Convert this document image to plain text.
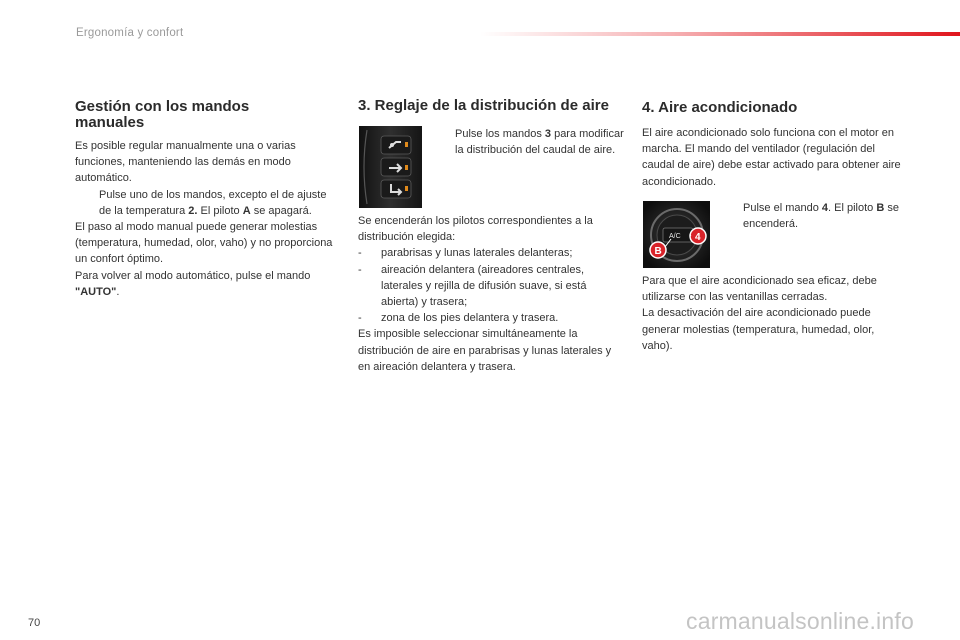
Ergonomía y confort
Gestión con los mandos manuales

Es posible regular manualmente una o varias funciones, manteniendo las demás en modo automático.

Pulse uno de los mandos, excepto el de ajuste de la temperatura 2. El piloto A se apagará.

El paso al modo manual puede generar molestias (temperatura, humedad, olor, vaho) y no proporciona un confort óptimo.

Para volver al modo automático, pulse el mando "AUTO".

3. Reglaje de la distribución de aire
Pulse los mandos 3 para modificar la distribución del caudal de aire.

Se encenderán los pilotos correspondientes a la distribución elegida:

- parabrisas y lunas laterales delanteras;
- aireación delantera (aireadores centrales, laterales y rejilla de difusión suave, si está abierta) y trasera;
- zona de los pies delantera y trasera.

Es imposible seleccionar simultáneamente la distribución de aire en parabrisas y lunas laterales y en aireación delantera y trasera.

4. Aire acondicionado

El aire acondicionado solo funciona con el motor en marcha. El mando del ventilador (regulación del caudal de aire) debe estar activado para obtener aire acondicionado.

A/C
B
4
Pulse el mando 4. El piloto B se encenderá.

Para que el aire acondicionado sea eficaz, debe utilizarse con las ventanillas cerradas.

La desactivación del aire acondicionado puede generar molestias (temperatura, humedad, olor, vaho).

70	carmanualsonline.info
